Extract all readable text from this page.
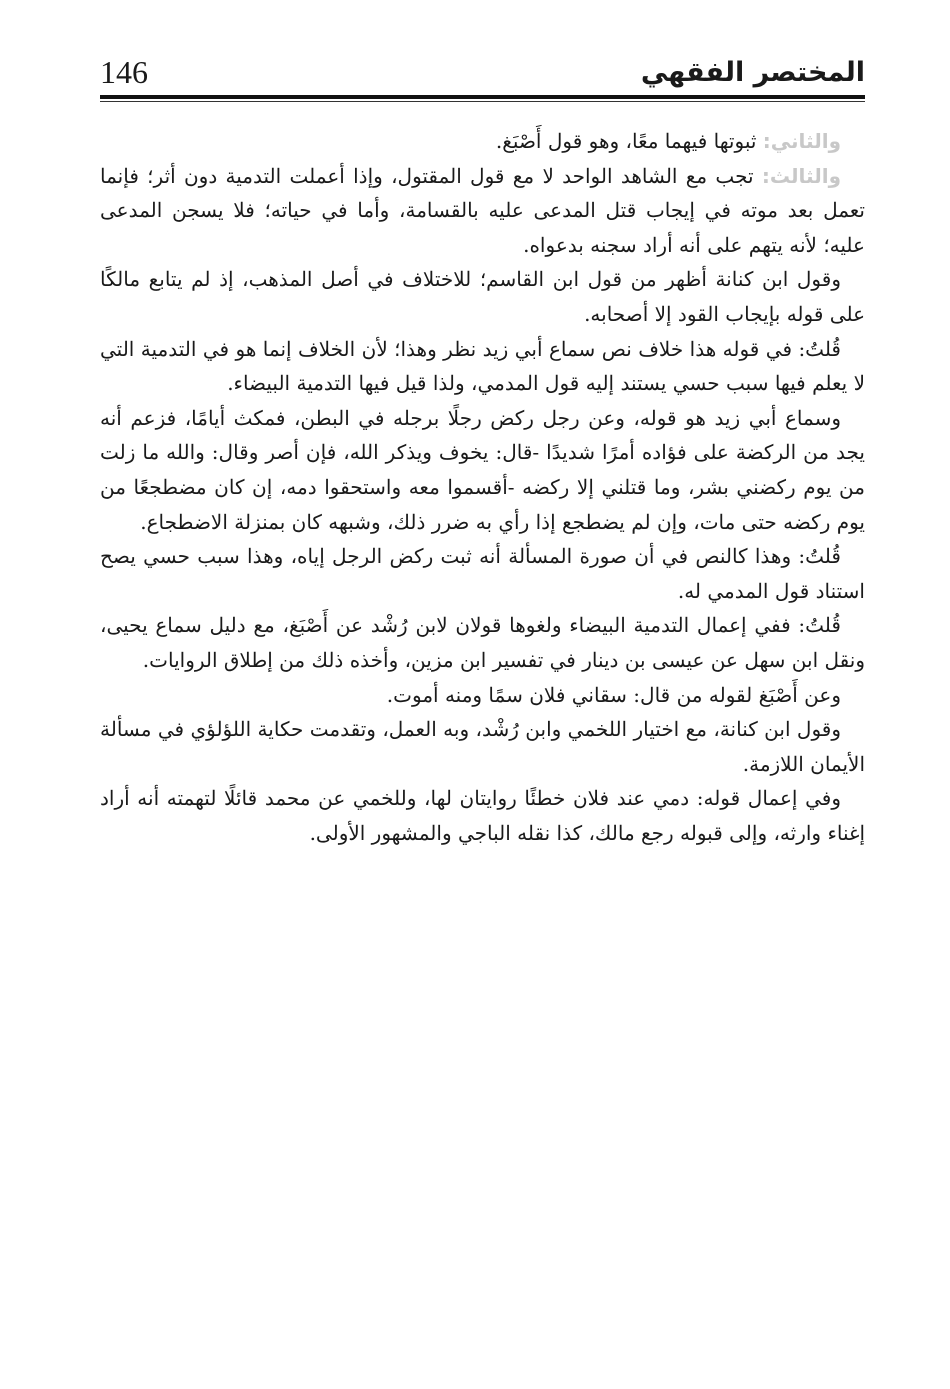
المختصر الفقهي
146

والثاني: ثبوتها فيهما معًا، وهو قول أَصْبَغ.

والثالث: تجب مع الشاهد الواحد لا مع قول المقتول، وإذا أعملت التدمية دون أثر؛ فإنما تعمل بعد موته في إيجاب قتل المدعى عليه بالقسامة، وأما في حياته؛ فلا يسجن المدعى عليه؛ لأنه يتهم على أنه أراد سجنه بدعواه.

وقول ابن كنانة أظهر من قول ابن القاسم؛ للاختلاف في أصل المذهب، إذ لم يتابع مالكًا على قوله بإيجاب القود إلا أصحابه.

قُلتُ: في قوله هذا خلاف نص سماع أبي زيد نظر وهذا؛ لأن الخلاف إنما هو في التدمية التي لا يعلم فيها سبب حسي يستند إليه قول المدمي، ولذا قيل فيها التدمية البيضاء.

وسماع أبي زيد هو قوله، وعن رجل ركض رجلًا برجله في البطن، فمكث أيامًا، فزعم أنه يجد من الركضة على فؤاده أمرًا شديدًا -قال: يخوف ويذكر الله، فإن أصر وقال: والله ما زلت من يوم ركضني بشر، وما قتلني إلا ركضه -أقسموا معه واستحقوا دمه، إن كان مضطجعًا من يوم ركضه حتى مات، وإن لم يضطجع إذا رأي به ضرر ذلك، وشبهه كان بمنزلة الاضطجاع.

قُلتُ: وهذا كالنص في أن صورة المسألة أنه ثبت ركض الرجل إياه، وهذا سبب حسي يصح استناد قول المدمي له.

قُلتُ: ففي إعمال التدمية البيضاء ولغوها قولان لابن رُشْد عن أَصْبَغ، مع دليل سماع يحيى، ونقل ابن سهل عن عيسى بن دينار في تفسير ابن مزين، وأخذه ذلك من إطلاق الروايات.

وعن أَصْبَغ لقوله من قال: سقاني فلان سمًا ومنه أموت.

وقول ابن كنانة، مع اختيار اللخمي وابن رُشْد، وبه العمل، وتقدمت حكاية اللؤلؤي في مسألة الأيمان اللازمة.

وفي إعمال قوله: دمي عند فلان خطئًا روايتان لها، وللخمي عن محمد قائلًا لتهمته أنه أراد إغناء وارثه، وإلى قبوله رجع مالك، كذا نقله الباجي والمشهور الأولى.
